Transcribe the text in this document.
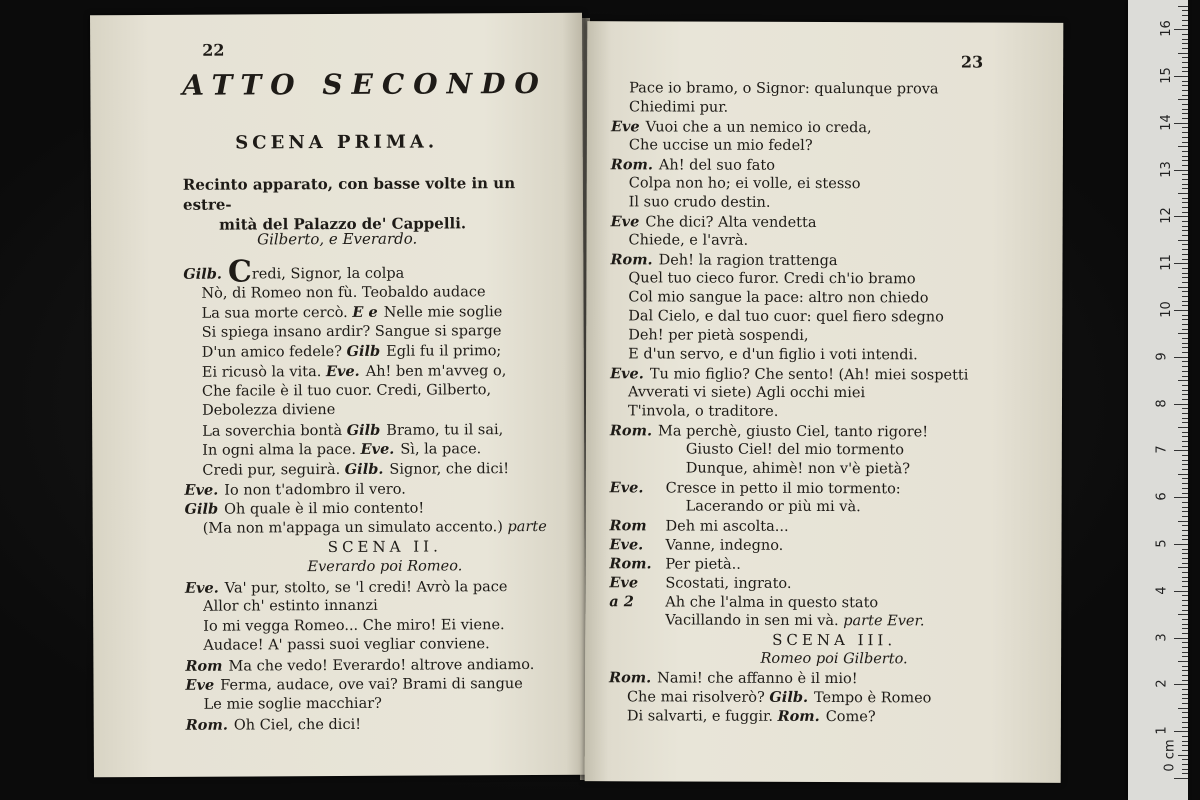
22
ATTO SECONDO
SCENA PRIMA.
Recinto apparato, con basse volte in un estre-
mità del Palazzo de' Cappelli.
Gilberto, e Everardo.
Gilb. Credi, Signor, la colpa
Nò, di Romeo non fù. Teobaldo audace
La sua morte cercò. E e Nelle mie soglie
Si spiega insano ardir? Sangue si sparge
D'un amico fedele? Gilb Egli fu il primo;
Ei ricusò la vita. Eve. Ah! ben m'avveg o,
Che facile è il tuo cuor. Credi, Gilberto,
Debolezza diviene
La soverchia bontà Gilb Bramo, tu il sai,
In ogni alma la pace. Eve. Sì, la pace.
Credi pur, seguirà. Gilb. Signor, che dici!
Eve. Io non t'adombro il vero.
Gilb Oh quale è il mio contento!
(Ma non m'appaga un simulato accento.) parte
SCENA II.
Everardo poi Romeo.
Eve. Va' pur, stolto, se 'l credi! Avrò la pace
Allor ch' estinto innanzi
Io mi vegga Romeo... Che miro! Ei viene.
Audace! A' passi suoi vegliar conviene.
Rom Ma che vedo! Everardo! altrove andiamo.
Eve Ferma, audace, ove vai? Brami di sangue
Le mie soglie macchiar?
Rom. Oh Ciel, che dici!
23
Pace io bramo, o Signor: qualunque prova
Chiedimi pur.
Eve Vuoi che a un nemico io creda,
Che uccise un mio fedel?
Rom. Ah! del suo fato
Colpa non ho; ei volle, ei stesso
Il suo crudo destin.
Eve Che dici? Alta vendetta
Chiede, e l'avrà.
Rom. Deh! la ragion trattenga
Quel tuo cieco furor. Credi ch'io bramo
Col mio sangue la pace: altro non chiedo
Dal Cielo, e dal tuo cuor: quel fiero sdegno
Deh! per pietà sospendi,
E d'un servo, e d'un figlio i voti intendi.
Eve. Tu mio figlio? Che sento! (Ah! miei sospetti
Avverati vi siete) Agli occhi miei
T'invola, o traditore.
Rom. Ma perchè, giusto Ciel, tanto rigore!
Giusto Ciel! del mio tormento
Dunque, ahimè! non v'è pietà?
Eve. Cresce in petto il mio tormento:
Lacerando or più mi và.
Rom Deh mi ascolta...
Eve. Vanne, indegno.
Rom. Per pietà..
Eve Scostati, ingrato.
a 2 Ah che l'alma in questo stato
Vacillando in sen mi và. parte Ever.
SCENA III.
Romeo poi Gilberto.
Rom. Nami! che affanno è il mio!
Che mai risolverò? Gilb. Tempo è Romeo
Di salvarti, e fuggir. Rom. Come?
0 cm
1
2
3
4
5
6
7
8
9
10
11
12
13
14
15
16
